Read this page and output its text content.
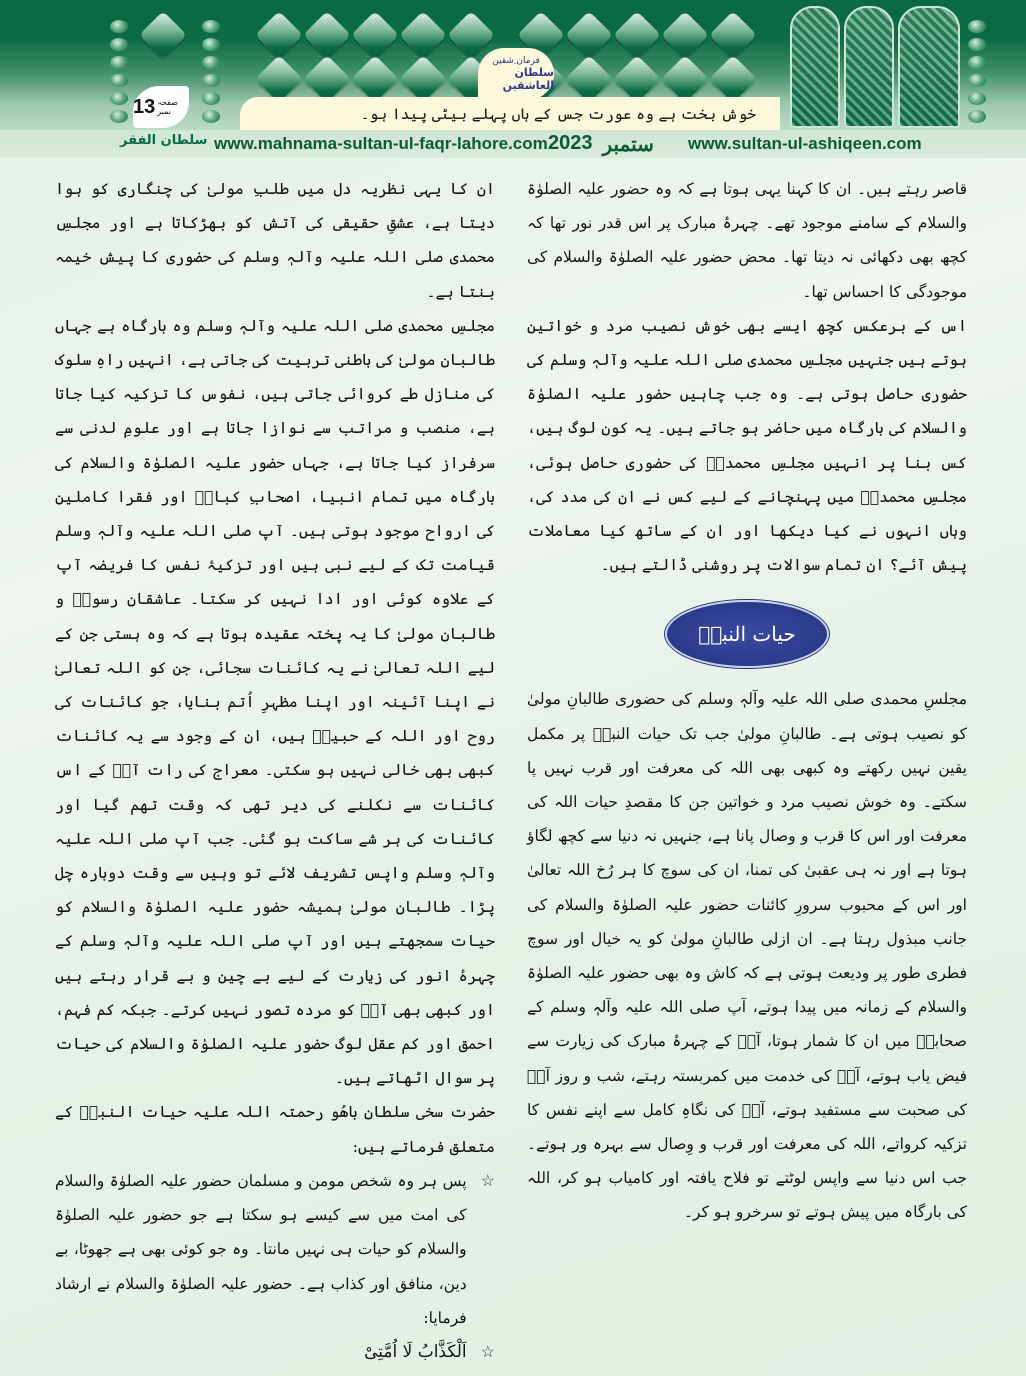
13 صفحہ نمبر
فرمان ِشقین
سلطان العاشقین
خوش بخت ہے وہ عورت جس کے ہاں پہلے بیٹی پیدا ہو۔
سلطان الفقر www.mahnama-sultan-ul-faqr-lahore.com 2023 ستمبر www.sultan-ul-ashiqeen.com

قاصر رہتے ہیں۔ ان کا کہنا یہی ہوتا ہے کہ وہ حضور علیہ الصلوٰۃ والسلام کے سامنے موجود تھے۔ چہرۂ مبارک پر اس قدر نور تھا کہ کچھ بھی دکھائی نہ دیتا تھا۔ محض حضور علیہ الصلوٰۃ والسلام کی موجودگی کا احساس تھا۔

اس کے برعکس کچھ ایسے بھی خوش نصیب مرد و خواتین ہوتے ہیں جنہیں مجلسِ محمدی صلی اللہ علیہ وآلہٖ وسلم کی حضوری حاصل ہوتی ہے۔ وہ جب چاہیں حضور علیہ الصلوٰۃ والسلام کی بارگاہ میں حاضر ہو جاتے ہیں۔ یہ کون لوگ ہیں، کس بنا پر انہیں مجلسِ محمدیؐ کی حضوری حاصل ہوئی، مجلسِ محمدیؐ میں پہنچانے کے لیے کس نے ان کی مدد کی، وہاں انہوں نے کیا دیکھا اور ان کے ساتھ کیا معاملات پیش آئے؟ ان تمام سوالات پر روشنی ڈالتے ہیں۔

حیات النبیؐ

مجلسِ محمدی صلی اللہ علیہ وآلہٖ وسلم کی حضوری طالبانِ مولیٰ کو نصیب ہوتی ہے۔ طالبانِ مولیٰ جب تک حیات النبیؐ پر مکمل یقین نہیں رکھتے وہ کبھی بھی اللہ کی معرفت اور قرب نہیں پا سکتے۔ وہ خوش نصیب مرد و خواتین جن کا مقصدِ حیات اللہ کی معرفت اور اس کا قرب و وصال پانا ہے، جنہیں نہ دنیا سے کچھ لگاؤ ہوتا ہے اور نہ ہی عقبیٰ کی تمنا، ان کی سوچ کا ہر رُخ اللہ تعالیٰ اور اس کے محبوب سرورِ کائنات حضور علیہ الصلوٰۃ والسلام کی جانب مبذول رہتا ہے۔ ان ازلی طالبانِ مولیٰ کو یہ خیال اور سوچ فطری طور پر ودیعت ہوتی ہے کہ کاش وہ بھی حضور علیہ الصلوٰۃ والسلام کے زمانہ میں پیدا ہوتے، آپ صلی اللہ علیہ وآلہٖ وسلم کے صحابہؓ میں ان کا شمار ہوتا، آپؐ کے چہرۂ مبارک کی زیارت سے فیض یاب ہوتے، آپؐ کی خدمت میں کمربستہ رہتے، شب و روز آپؐ کی صحبت سے مستفید ہوتے، آپؐ کی نگاہِ کامل سے اپنے نفس کا تزکیہ کرواتے، اللہ کی معرفت اور قرب و وِصال سے بہرہ ور ہوتے۔ جب اس دنیا سے واپس لوٹتے تو فلاح یافتہ اور کامیاب ہو کر، اللہ کی بارگاہ میں پیش ہوتے تو سرخرو ہو کر۔

ان کا یہی نظریہ دل میں طلبِ مولیٰ کی چنگاری کو ہوا دیتا ہے، عشقِ حقیقی کی آتش کو بھڑکاتا ہے اور مجلسِ محمدی صلی اللہ علیہ وآلہٖ وسلم کی حضوری کا پیش خیمہ بنتا ہے۔

مجلسِ محمدی صلی اللہ علیہ وآلہٖ وسلم وہ بارگاہ ہے جہاں طالبانِ مولیٰ کی باطنی تربیت کی جاتی ہے، انہیں راہِ سلوک کی منازل طے کروائی جاتی ہیں، نفوس کا تزکیہ کیا جاتا ہے، منصب و مراتب سے نوازا جاتا ہے اور علومِ لدنی سے سرفراز کیا جاتا ہے، جہاں حضور علیہ الصلوٰۃ والسلام کی بارگاہ میں تمام انبیا، اصحابِ کبارؓ اور فقرا کاملین کی ارواح موجود ہوتی ہیں۔ آپ صلی اللہ علیہ وآلہٖ وسلم قیامت تک کے لیے نبی ہیں اور تزکیۂ نفس کا فریضہ آپ کے علاوہ کوئی اور ادا نہیں کر سکتا۔ عاشقانِ رسولؐ و طالبانِ مولیٰ کا یہ پختہ عقیدہ ہوتا ہے کہ وہ ہستی جن کے لیے اللہ تعالیٰ نے یہ کائنات سجائی، جن کو اللہ تعالیٰ نے اپنا آئینہ اور اپنا مظہرِ اُتم بنایا، جو کائنات کی روح اور اللہ کے حبیبؐ ہیں، ان کے وجود سے یہ کائنات کبھی بھی خالی نہیں ہو سکتی۔ معراج کی رات آپؐ کے اس کائنات سے نکلنے کی دیر تھی کہ وقت تھم گیا اور کائنات کی ہر شے ساکت ہو گئی۔ جب آپ صلی اللہ علیہ وآلہٖ وسلم واپس تشریف لائے تو وہیں سے وقت دوبارہ چل پڑا۔ طالبانِ مولیٰ ہمیشہ حضور علیہ الصلوٰۃ والسلام کو حیات سمجھتے ہیں اور آپ صلی اللہ علیہ وآلہٖ وسلم کے چہرۂ انور کی زیارت کے لیے بے چین و بے قرار رہتے ہیں اور کبھی بھی آپؐ کو مردہ تصور نہیں کرتے۔ جبکہ کم فہم، احمق اور کم عقل لوگ حضور علیہ الصلوٰۃ والسلام کی حیات پر سوال اٹھاتے ہیں۔

حضرت سخی سلطان باھُو رحمتہ اللہ علیہ حیات النبیؐ کے متعلق فرماتے ہیں:

☆
پس ہر وہ شخص مومن و مسلمان حضور علیہ الصلوٰۃ والسلام کی امت میں سے کیسے ہو سکتا ہے جو حضور علیہ الصلوٰۃ والسلام کو حیات ہی نہیں مانتا۔ وہ جو کوئی بھی ہے جھوٹا، بے دین، منافق اور کذاب ہے۔ حضور علیہ الصلوٰۃ والسلام نے ارشاد فرمایا:
☆
اَلْکَذَّابُ لَا اُمَّتِیْ
